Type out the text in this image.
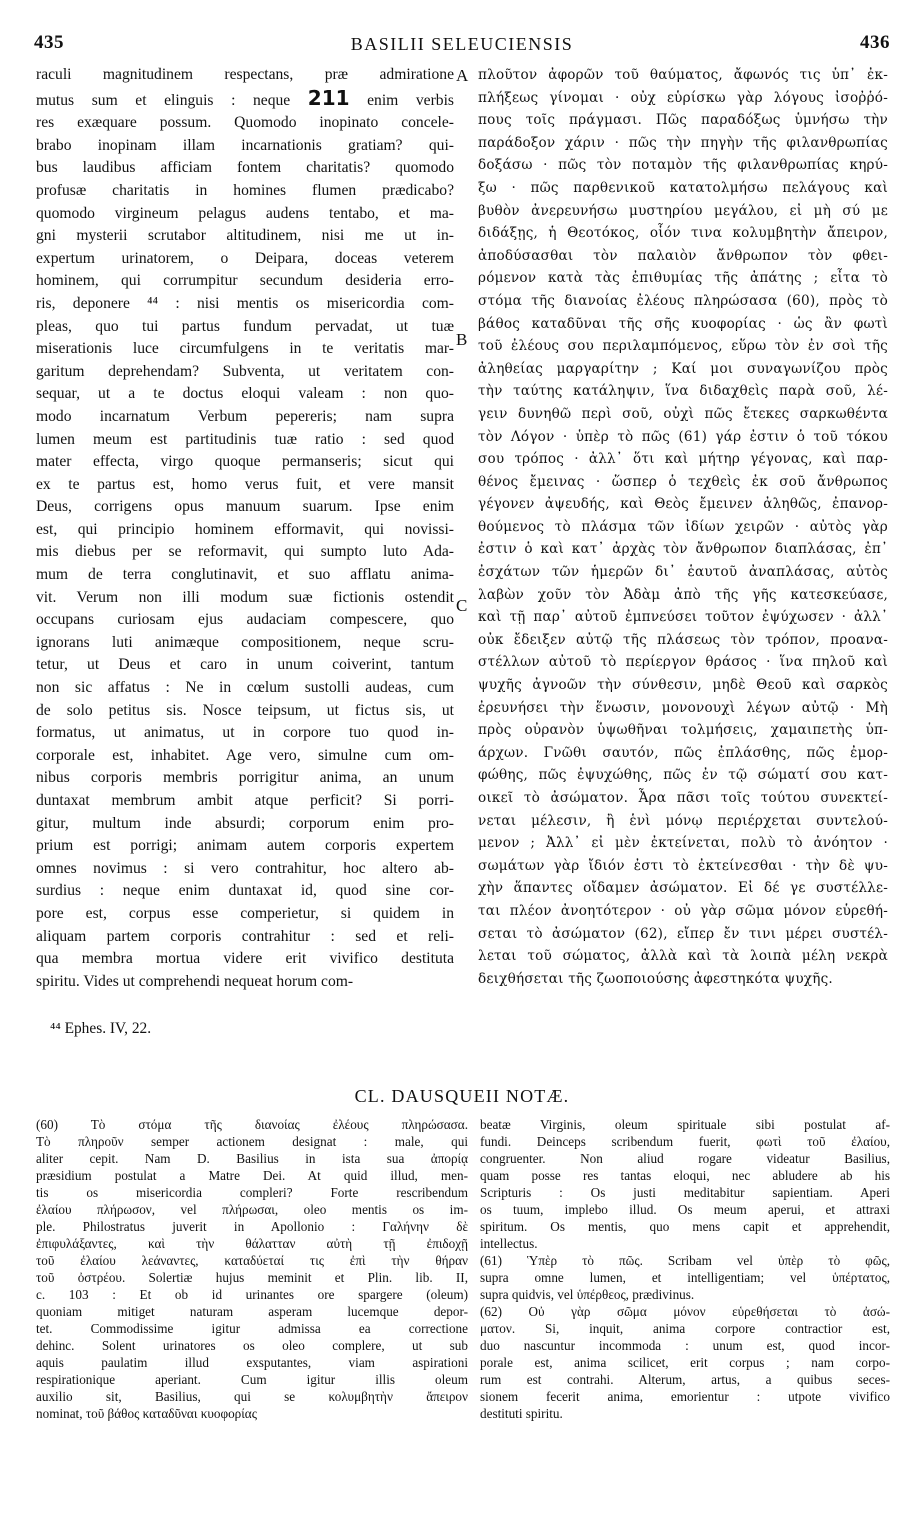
435	BASILII SELEUCIENSIS	436
raculi magnitudinem respectans, præ admiratione
mutus sum et elinguis : neque 211 enim verbis
res exæquare possum. Quomodo inopinato concele-
brabo inopinam illam incarnationis gratiam? qui-
bus laudibus afficiam fontem charitatis? quomodo
profusæ charitatis in homines flumen prædicabo?
quomodo virgineum pelagus audens tentabo, et ma-
gni mysterii scrutabor altitudinem, nisi me ut in-
expertum urinatorem, o Deipara, doceas veterem
hominem, qui corrumpitur secundum desideria erro-
ris, deponere ⁴⁴ : nisi mentis os misericordia com-
pleas, quo tui partus fundum pervadat, ut tuæ
miserationis luce circumfulgens in te veritatis mar-
garitum deprehendam? Subventa, ut veritatem con-
sequar, ut a te doctus eloqui valeam : non quo-
modo incarnatum Verbum pepereris; nam supra
lumen meum est partitudinis tuæ ratio : sed quod
mater effecta, virgo quoque permanseris; sicut qui
ex te partus est, homo verus fuit, et vere mansit
Deus, corrigens opus manuum suarum. Ipse enim
est, qui principio hominem efformavit, qui novissi-
mis diebus per se reformavit, qui sumpto luto Ada-
mum de terra conglutinavit, et suo afflatu anima-
vit. Verum non illi modum suæ fictionis ostendit
occupans curiosam ejus audaciam compescere, quo
ignorans luti animæque compositionem, neque scru-
tetur, ut Deus et caro in unum coiverint, tantum
non sic affatus : Ne in cœlum sustolli audeas, cum
de solo petitus sis. Nosce teipsum, ut fictus sis, ut
formatus, ut animatus, ut in corpore tuo quod in-
corporale est, inhabitet. Age vero, simulne cum om-
nibus corporis membris porrigitur anima, an unum
duntaxat membrum ambit atque perficit? Si porri-
gitur, multum inde absurdi; corporum enim pro-
prium est porrigi; animam autem corporis expertem
omnes novimus : si vero contrahitur, hoc altero ab-
surdius : neque enim duntaxat id, quod sine cor-
pore est, corpus esse comperietur, si quidem in
aliquam partem corporis contrahitur : sed et reli-
qua membra mortua videre erit vivifico destituta
spiritu. Vides ut comprehendi nequeat horum com-
A
B
C
πλοῦτον ἀφορῶν τοῦ θαύματος, ἄφωνός τις ὑπ᾽ ἐκ-
πλήξεως γίνομαι · οὐχ εὑρίσκω γὰρ λόγους ἰσοῤῥό-
πους τοῖς πράγμασι. Πῶς παραδόξως ὑμνήσω τὴν
παράδοξον χάριν · πῶς τὴν πηγὴν τῆς φιλανθρωπίας
δοξάσω · πῶς τὸν ποταμὸν τῆς φιλανθρωπίας κηρύ-
ξω · πῶς παρθενικοῦ κατατολμήσω πελάγους καὶ
βυθὸν ἀνερευνήσω μυστηρίου μεγάλου, εἰ μὴ σύ με
διδάξῃς, ἡ Θεοτόκος, οἷόν τινα κολυμβητὴν ἄπειρον,
ἀποδύσασθαι τὸν παλαιὸν ἄνθρωπον τὸν φθει-
ρόμενον κατὰ τὰς ἐπιθυμίας τῆς ἀπάτης ; εἶτα τὸ
στόμα τῆς διανοίας ἐλέους πληρώσασα (60), πρὸς τὸ
βάθος καταδῦναι τῆς σῆς κυοφορίας · ὡς ἂν φωτὶ
τοῦ ἐλέους σου περιλαμπόμενος, εὕρω τὸν ἐν σοὶ τῆς
ἀληθείας μαργαρίτην ; Καί μοι συναγωνίζου πρὸς
τὴν ταύτης κατάληψιν, ἵνα διδαχθεὶς παρὰ σοῦ, λέ-
γειν δυνηθῶ περὶ σοῦ, οὐχὶ πῶς ἔτεκες σαρκωθέντα
τὸν Λόγον · ὑπὲρ τὸ πῶς (61) γάρ ἐστιν ὁ τοῦ τόκου
σου τρόπος · ἀλλ᾽ ὅτι καὶ μήτηρ γέγονας, καὶ παρ-
θένος ἔμεινας · ὥσπερ ὁ τεχθεὶς ἐκ σοῦ ἄνθρωπος
γέγονεν ἀψευδής, καὶ Θεὸς ἔμεινεν ἀληθῶς, ἐπανορ-
θούμενος τὸ πλάσμα τῶν ἰδίων χειρῶν · αὐτὸς γὰρ
ἐστιν ὁ καὶ κατ᾽ ἀρχὰς τὸν ἄνθρωπον διαπλάσας, ἐπ᾽
ἐσχάτων τῶν ἡμερῶν δι᾽ ἑαυτοῦ ἀναπλάσας, αὐτὸς
λαβὼν χοῦν τὸν Ἀδὰμ ἀπὸ τῆς γῆς κατεσκεύασε,
καὶ τῇ παρ᾽ αὐτοῦ ἐμπνεύσει τοῦτον ἐψύχωσεν · ἀλλ᾽
οὐκ ἔδειξεν αὐτῷ τῆς πλάσεως τὸν τρόπον, προανα-
στέλλων αὐτοῦ τὸ περίεργον θράσος · ἵνα πηλοῦ καὶ
ψυχῆς ἀγνοῶν τὴν σύνθεσιν, μηδὲ Θεοῦ καὶ σαρκὸς
ἐρευνήσει τὴν ἕνωσιν, μονονουχὶ λέγων αὐτῷ · Μὴ
πρὸς οὐρανὸν ὑψωθῆναι τολμήσεις, χαμαιπετὴς ὑπ-
άρχων. Γνῶθι σαυτόν, πῶς ἐπλάσθης, πῶς ἐμορ-
φώθης, πῶς ἐψυχώθης, πῶς ἐν τῷ σώματί σου κατ-
οικεῖ τὸ ἀσώματον. Ἆρα πᾶσι τοῖς τούτου συνεκτεί-
νεται μέλεσιν, ἢ ἑνὶ μόνῳ περιέρχεται συντελού-
μενον ; Ἀλλ᾽ εἰ μὲν ἐκτείνεται, πολὺ τὸ ἀνόητον ·
σωμάτων γὰρ ἴδιόν ἐστι τὸ ἐκτείνεσθαι · τὴν δὲ ψυ-
χὴν ἅπαντες οἴδαμεν ἀσώματον. Εἰ δέ γε συστέλλε-
ται πλέον ἀνοητότερον · οὐ γὰρ σῶμα μόνον εὑρεθή-
σεται τὸ ἀσώματον (62), εἴπερ ἔν τινι μέρει συστέλ-
λεται τοῦ σώματος, ἀλλὰ καὶ τὰ λοιπὰ μέλη νεκρὰ
δειχθήσεται τῆς ζωοποιούσης ἀφεστηκότα ψυχῆς.
⁴⁴ Ephes. IV, 22.
CL. DAUSQUEII NOTÆ.
(60) Τὸ στόμα τῆς διανοίας ἐλέους πληρώσασα.
Τὸ πληροῦν semper actionem designat : male, qui
aliter cepit. Nam D. Basilius in ista sua ἀπορίᾳ
præsidium postulat a Matre Dei. At quid illud, men-
tis os misericordia compleri? Forte rescribendum
ἐλαίου πλήρωσον, vel πλήρωσαι, oleo mentis os im-
ple. Philostratus juverit in Apollonio : Γαλήνην δὲ
ἐπιφυλάξαντες, καὶ τὴν θάλατταν αὐτὴ τῇ ἐπιδοχῇ
τοῦ ἐλαίου λεάναντες, καταδύεταί τις ἐπὶ τὴν θήραν
τοῦ ὀστρέου. Solertiæ hujus meminit et Plin. lib. II,
c. 103 : Et ob id urinantes ore spargere (oleum)
quoniam mitiget naturam asperam lucemque depor-
tet. Commodissime igitur admissa ea correctione
dehinc. Solent urinatores os oleo complere, ut sub
aquis paulatim illud exsputantes, viam aspirationi
respirationique aperiant. Cum igitur illis oleum
auxilio sit, Basilius, qui se κολυμβητὴν ἄπειρον
nominat, τοῦ βάθος καταδῦναι κυοφορίας
beatæ Virginis, oleum spirituale sibi postulat af-
fundi. Deinceps scribendum fuerit, φωτὶ τοῦ ἐλαίου,
congruenter. Non aliud rogare videatur Basilius,
quam posse res tantas eloqui, nec abludere ab his
Scripturis : Os justi meditabitur sapientiam. Aperi
os tuum, implebo illud. Os meum aperui, et attraxi
spiritum. Os mentis, quo mens capit et apprehendit,
intellectus.
(61) Ὑπὲρ τὸ πῶς. Scribam vel ὑπὲρ τὸ φῶς,
supra omne lumen, et intelligentiam; vel ὑπέρτατος,
supra quidvis, vel ὑπέρθεος, prædivinus.
(62) Οὐ γὰρ σῶμα μόνον εὑρεθήσεται τὸ ἀσώ-
ματον. Si, inquit, anima corpore contractior est,
duo nascuntur incommoda : unum est, quod incor-
porale est, anima scilicet, erit corpus ; nam corpo-
rum est contrahi. Alterum, artus, a quibus seces-
sionem fecerit anima, emorientur : utpote vivifico
destituti spiritu.
